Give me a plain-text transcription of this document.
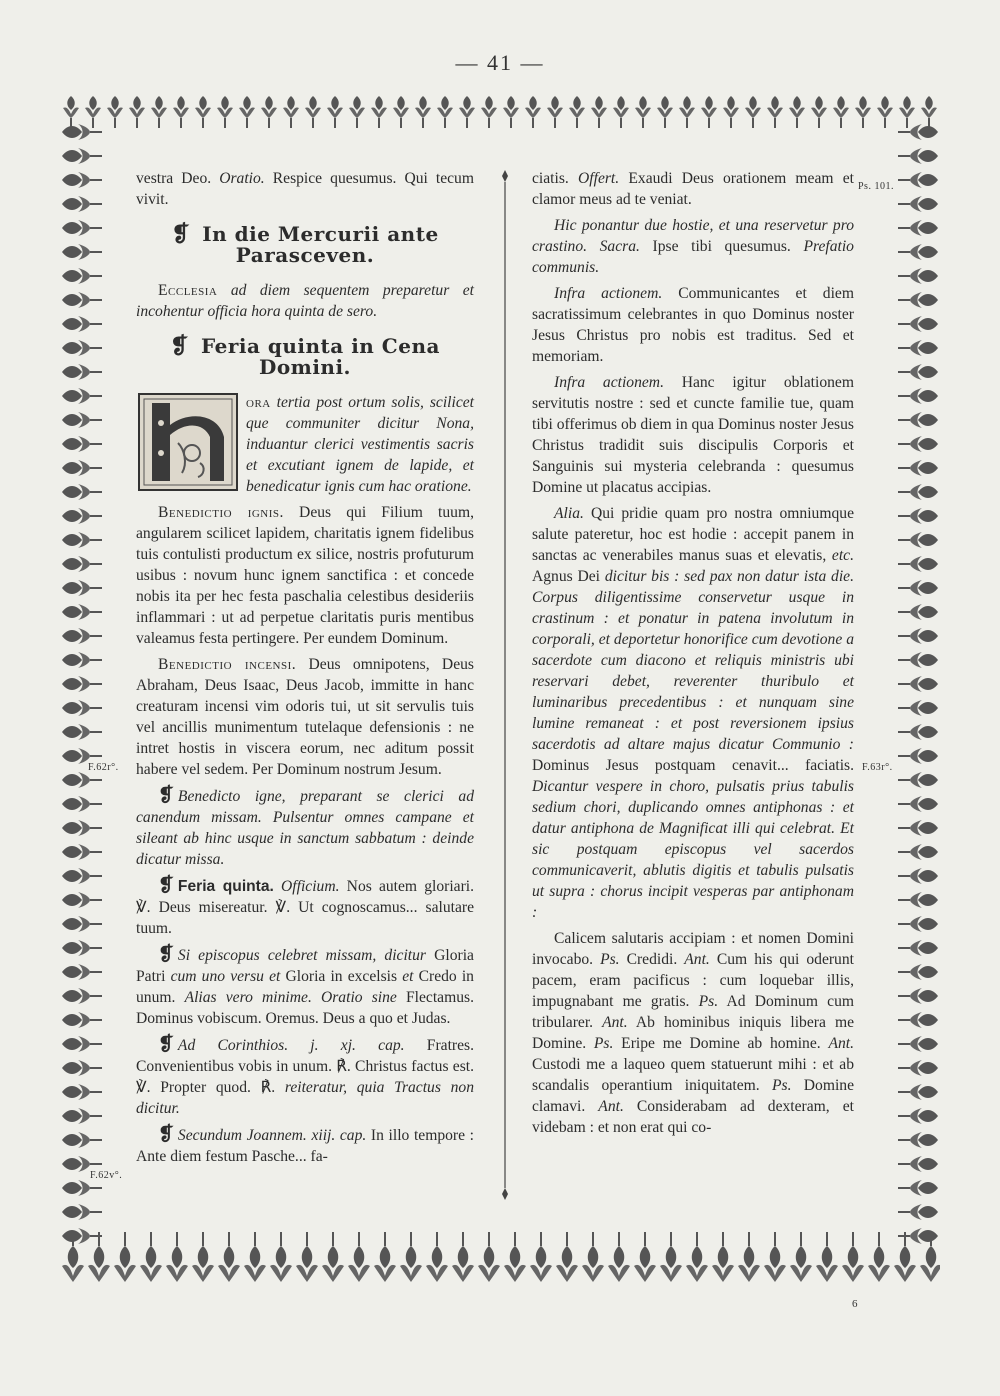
— 41 —
F.62r°.
F.62v°.
Ps. 101.
F.63r°.

vestra Deo. Oratio. Respice quesumus. Qui tecum vivit.

❡ In die Mercurii ante Parasceven.

Ecclesia ad diem sequentem preparetur et incohentur officia hora quinta de sero.

❡ Feria quinta in Cena Domini.

ora tertia post ortum solis, scilicet que communiter dicitur Nona, induantur clerici vestimentis sacris et excutiant ignem de lapide, et benedicatur ignis cum hac oratione.

Benedictio ignis. Deus qui Filium tuum, angularem scilicet lapidem, charitatis ignem fidelibus tuis contulisti productum ex silice, nostris profuturum usibus : novum hunc ignem sanctifica : et concede nobis ita per hec festa paschalia celestibus desideriis inflammari : ut ad perpetue claritatis puris mentibus valeamus festa pertingere. Per eundem Dominum.

Benedictio incensi. Deus omnipotens, Deus Abraham, Deus Isaac, Deus Jacob, immitte in hanc creaturam incensi vim odoris tui, ut sit servulis tuis vel ancillis munimentum tutelaque defensionis : ne intret hostis in viscera eorum, nec aditum possit habere vel sedem. Per Dominum nostrum Jesum.

❡ Benedicto igne, preparant se clerici ad canendum missam. Pulsentur omnes campane et sileant ab hinc usque in sanctum sabbatum : deinde dicatur missa.

❡ Feria quinta. Officium. Nos autem gloriari. ℣. Deus misereatur. ℣. Ut cognoscamus... salutare tuum.

❡ Si episcopus celebret missam, dicitur Gloria Patri cum uno versu et Gloria in excelsis et Credo in unum. Alias vero minime. Oratio sine Flectamus. Dominus vobiscum. Oremus. Deus a quo et Judas.

❡ Ad Corinthios. j. xj. cap. Fratres. Convenientibus vobis in unum. ℟. Christus factus est. ℣. Propter quod. ℟. reiteratur, quia Tractus non dicitur.

❡ Secundum Joannem. xiij. cap. In illo tempore : Ante diem festum Pasche... fa-

ciatis. Offert. Exaudi Deus orationem meam et clamor meus ad te veniat.

Hic ponantur due hostie, et una reservetur pro crastino. Sacra. Ipse tibi quesumus. Prefatio communis.

Infra actionem. Communicantes et diem sacratissimum celebrantes in quo Dominus noster Jesus Christus pro nobis est traditus. Sed et memoriam.

Infra actionem. Hanc igitur oblationem servitutis nostre : sed et cuncte familie tue, quam tibi offerimus ob diem in qua Dominus noster Jesus Christus tradidit suis discipulis Corporis et Sanguinis sui mysteria celebranda : quesumus Domine ut placatus accipias.

Alia. Qui pridie quam pro nostra omniumque salute pateretur, hoc est hodie : accepit panem in sanctas ac venerabiles manus suas et elevatis, etc. Agnus Dei dicitur bis : sed pax non datur ista die. Corpus diligentissime conservetur usque in crastinum : et ponatur in patena involutum in corporali, et deportetur honorifice cum devotione a sacerdote cum diacono et reliquis ministris ubi reservari debet, reverenter thuribulo et luminaribus precedentibus : et nunquam sine lumine remaneat : et post reversionem ipsius sacerdotis ad altare majus dicatur Communio : Dominus Jesus postquam cenavit... faciatis. Dicantur vespere in choro, pulsatis prius tabulis sedium chori, duplicando omnes antiphonas : et datur antiphona de Magnificat illi qui celebrat. Et sic postquam episcopus vel sacerdos communicaverit, ablutis digitis et tabulis pulsatis ut supra : chorus incipit vesperas par antiphonam :

Calicem salutaris accipiam : et nomen Domini invocabo. Ps. Credidi. Ant. Cum his qui oderunt pacem, eram pacificus : cum loquebar illis, impugnabant me gratis. Ps. Ad Dominum cum tribularer. Ant. Ab hominibus iniquis libera me Domine. Ps. Eripe me Domine ab homine. Ant. Custodi me a laqueo quem statuerunt mihi : et ab scandalis operantium iniquitatem. Ps. Domine clamavi. Ant. Considerabam ad dexteram, et videbam : et non erat qui co-

6
